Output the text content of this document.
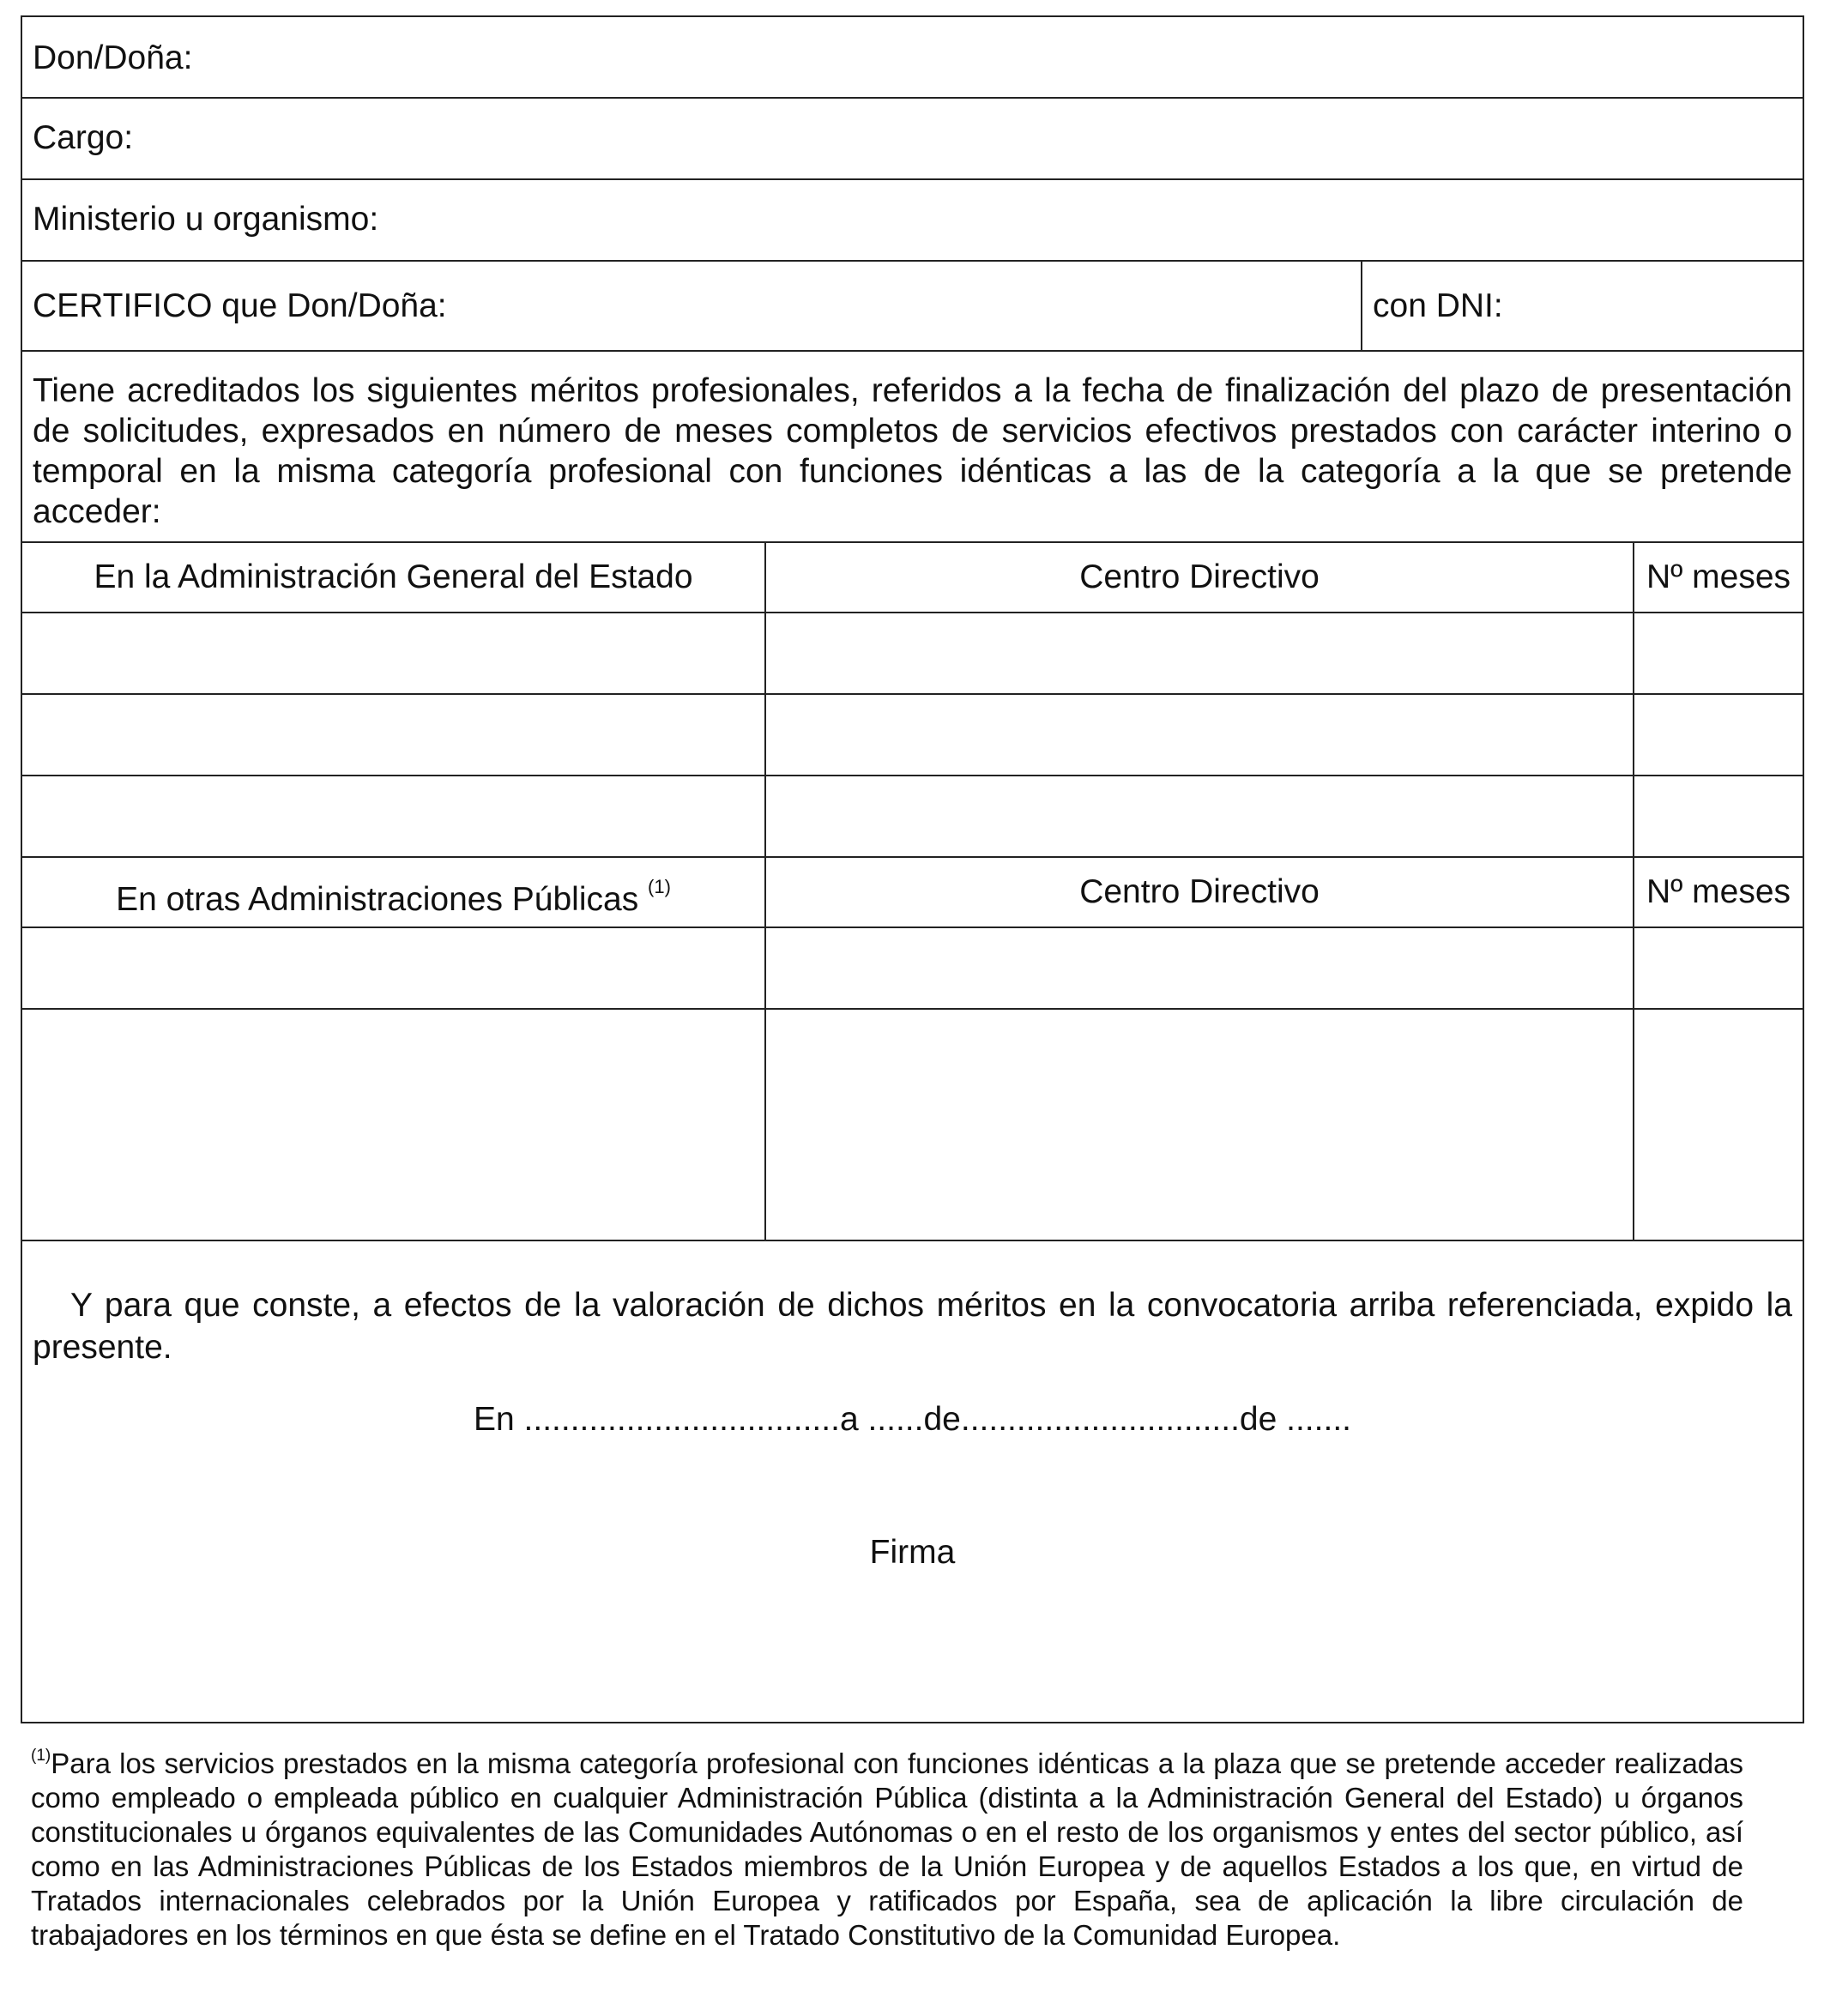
Don/Doña:
Cargo:
Ministerio u organismo:
CERTIFICO que Don/Doña:	con DNI:

Tiene acreditados los siguientes méritos profesionales, referidos a la fecha de finalización del plazo de presentación de solicitudes, expresados en número de meses completos de servicios efectivos prestados con carácter interino o temporal en la misma categoría profesional con funciones idénticas a las de la categoría a la que se pretende acceder:

En la Administración General del Estado	Centro Directivo	Nº meses
En otras Administraciones Públicas $^{(1)}$	Centro Directivo	Nº meses

Y para que conste, a efectos de la valoración de dichos méritos en la convocatoria arriba referenciada, expido la presente.

En ..................................a ......de..............................de .......
Firma

$^{(1)}$Para los servicios prestados en la misma categoría profesional con funciones idénticas a la plaza que se pretende acceder realizadas como empleado o empleada público en cualquier Administración Pública (distinta a la Administración General del Estado) u órganos constitucionales u órganos equivalentes de las Comunidades Autónomas o en el resto de los organismos y entes del sector público, así como en las Administraciones Públicas de los Estados miembros de la Unión Europea y de aquellos Estados a los que, en virtud de Tratados internacionales celebrados por la Unión Europea y ratificados por España, sea de aplicación la libre circulación de trabajadores en los términos en que ésta se define en el Tratado Constitutivo de la Comunidad Europea.
